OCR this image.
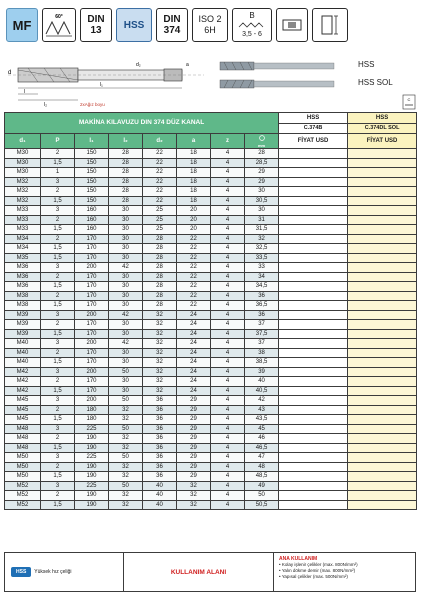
MF
60°	DIN 13	HSS	DIN
374
ISO 2
6H
B
3,5 - 6
d
l₁
l
l₂
d₂	a
2xAğız boyu
HSS
HSS SOL
C
MAKİNA KILAVUZU DIN 374 DÜZ KANAL								HSS	HSS
								C.374B	C.374DL SOL
d₁	P	l₁	l₂	d₂	a	z	mm	FİYAT USD	FİYAT USD
M30	2	150	28	22	18	4	28		
M30	1,5	150	28	22	18	4	28,5		
M30	1	150	28	22	18	4	29		
M32	3	150	28	22	18	4	29		
M32	2	150	28	22	18	4	30		
M32	1,5	150	28	22	18	4	30,5		
M33	3	160	30	25	20	4	30		
M33	2	160	30	25	20	4	31		
M33	1,5	160	30	25	20	4	31,5		
M34	2	170	30	28	22	4	32		
M34	1,5	170	30	28	22	4	32,5		
M35	1,5	170	30	28	22	4	33,5		
M36	3	200	42	28	22	4	33		
M36	2	170	30	28	22	4	34		
M36	1,5	170	30	28	22	4	34,5		
M38	2	170	30	28	22	4	36		
M38	1,5	170	30	28	22	4	36,5		
M39	3	200	42	32	24	4	36		
M39	2	170	30	32	24	4	37		
M39	1,5	170	30	32	24	4	37,5		
M40	3	200	42	32	24	4	37		
M40	2	170	30	32	24	4	38		
M40	1,5	170	30	32	24	4	38,5		
M42	3	200	50	32	24	4	39		
M42	2	170	30	32	24	4	40		
M42	1,5	170	30	32	24	4	40,5		
M45	3	200	50	36	29	4	42		
M45	2	180	32	36	29	4	43		
M45	1,5	180	32	36	29	4	43,5		
M48	3	225	50	36	29	4	45		
M48	2	190	32	36	29	4	46		
M48	1,5	190	32	36	29	4	46,5		
M50	3	225	50	36	29	4	47		
M50	2	190	32	36	29	4	48		
M50	1,5	190	32	36	29	4	48,5		
M52	3	225	50	40	32	4	49		
M52	2	190	32	40	32	4	50		
M52	1,5	190	32	40	32	4	50,5		
HSS	Yüksek hız çeliği	KULLANIM ALANI
ANA KULLANIM
• Kolay işlenir çelikler (max. 800N/mm²)
• Yalın dökme demir (max. 800N/mm²)
• Yapısal çelikler (max. 500N/mm²)
